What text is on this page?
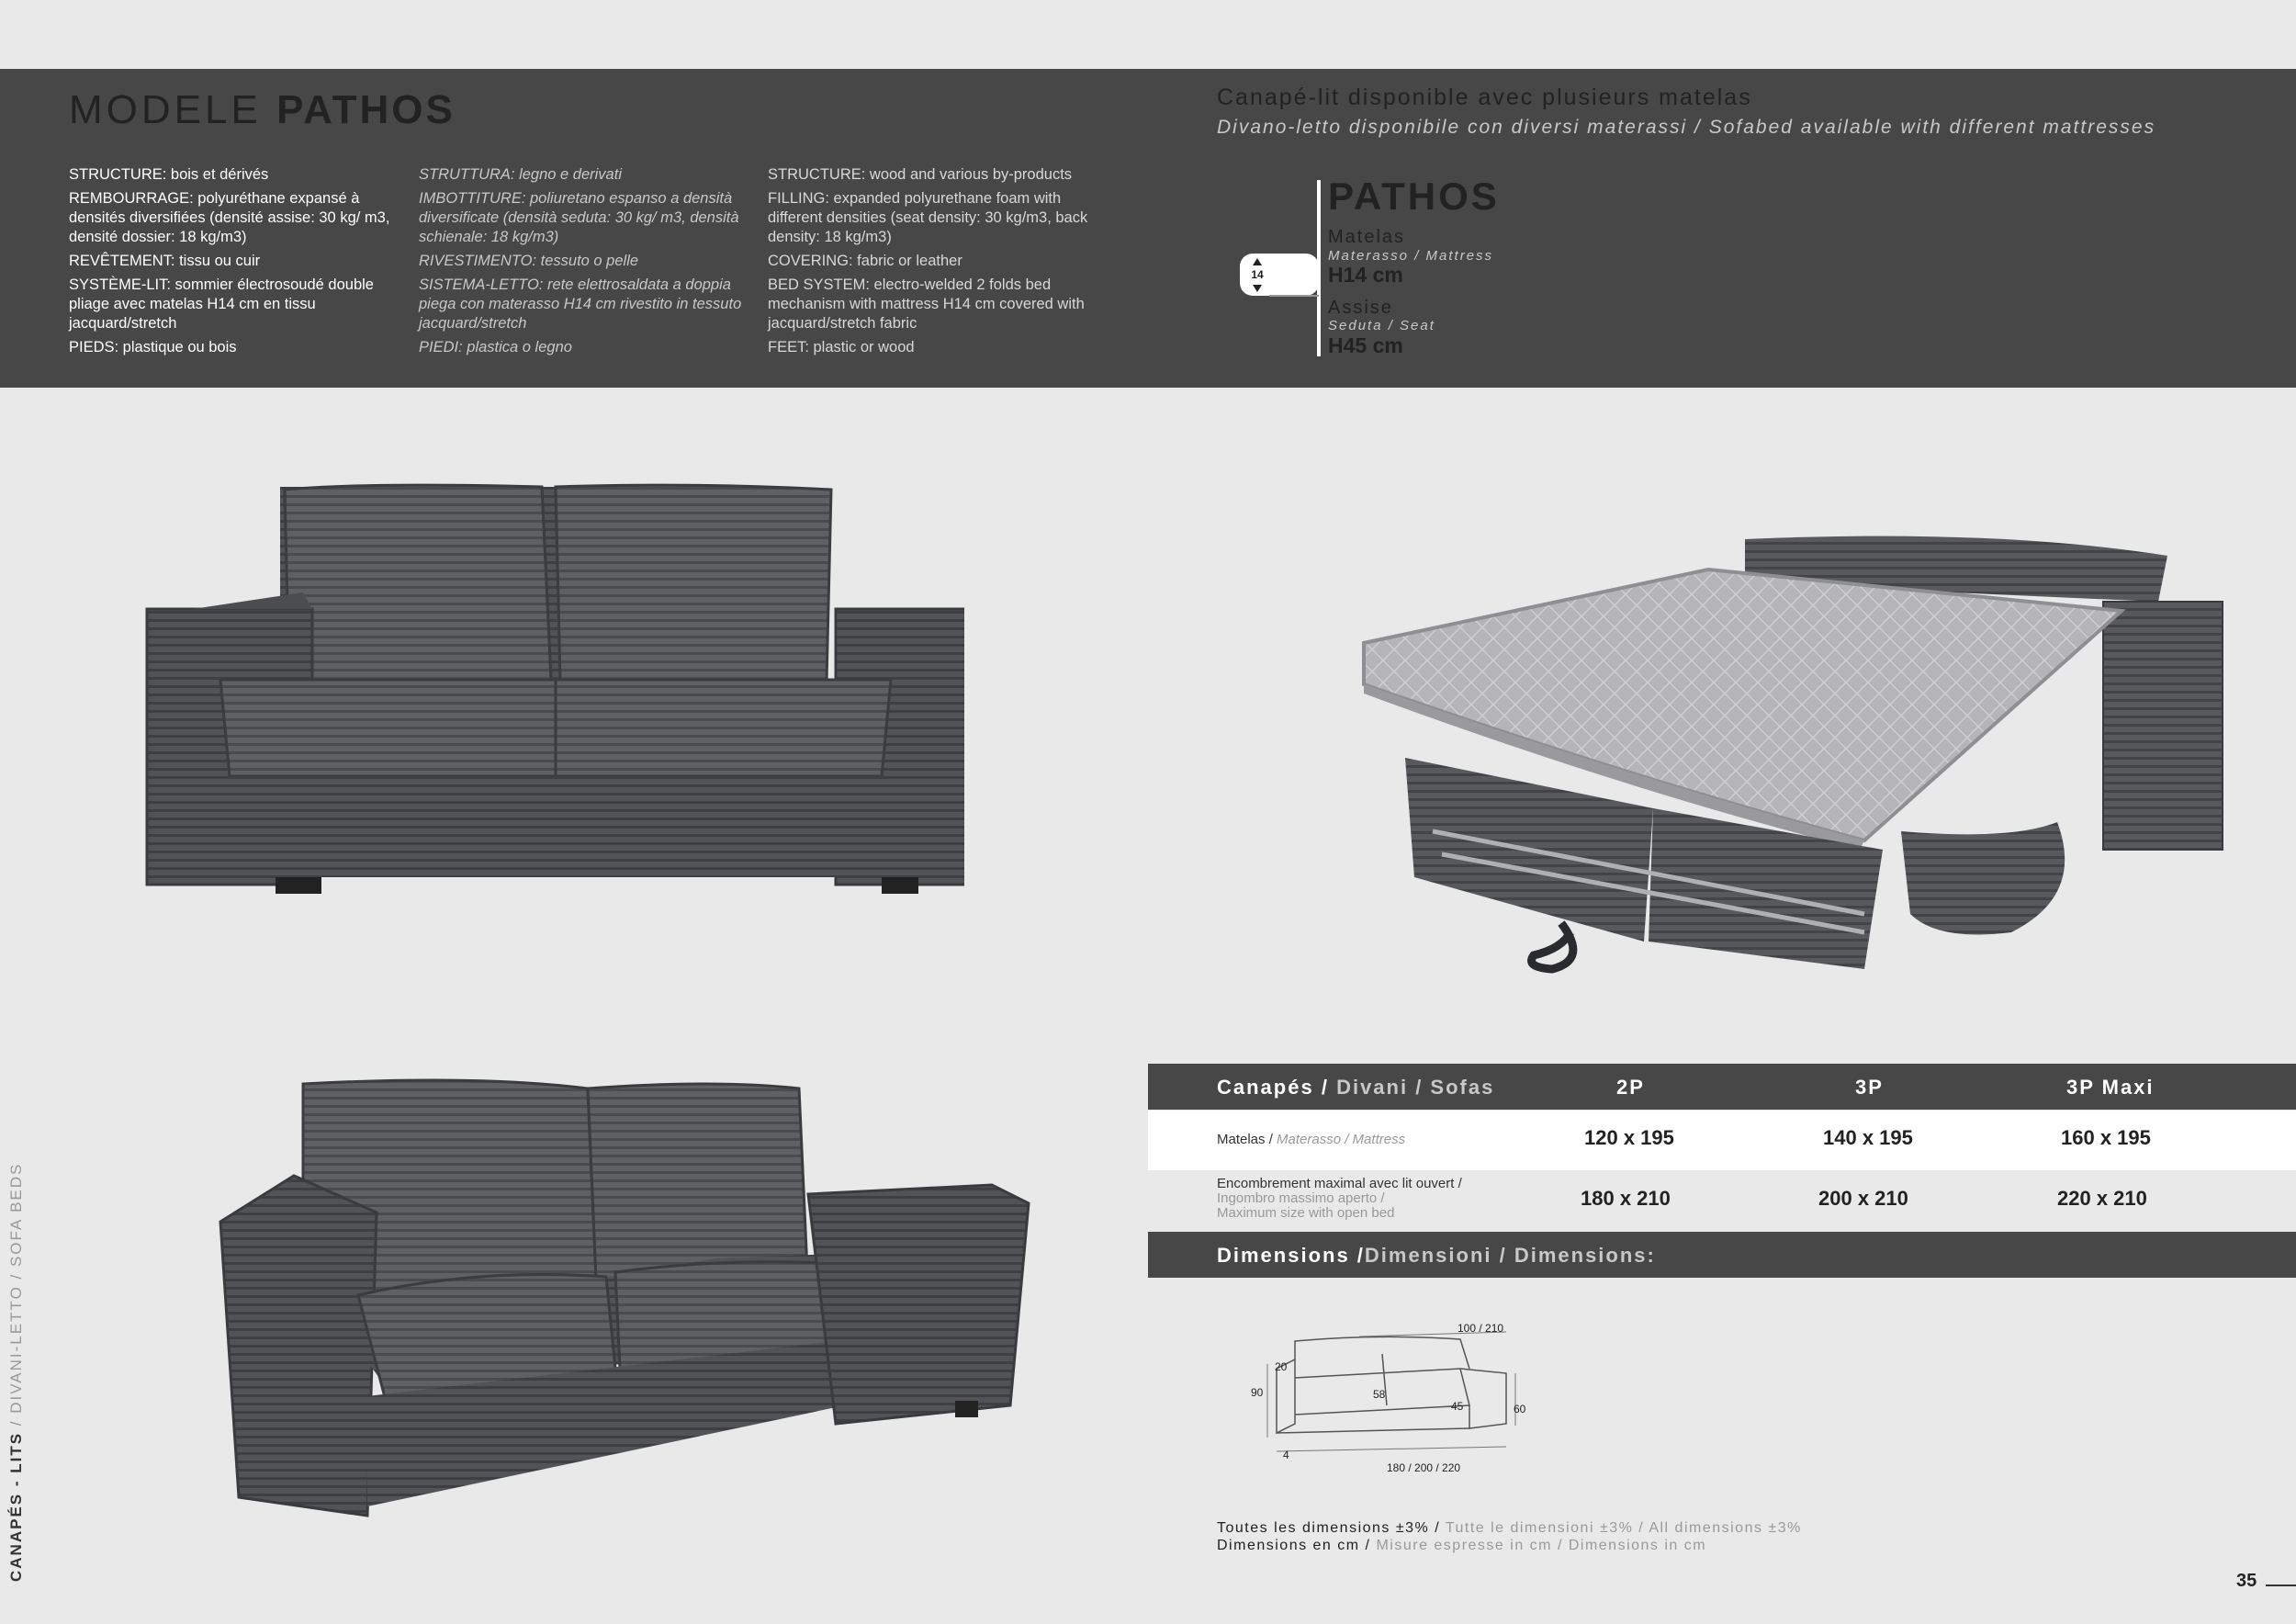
MODELE PATHOS

STRUCTURE: bois et dérivés

REMBOURRAGE: polyuréthane expansé à densités diversifiées (densité assise: 30 kg/ m3, densité dossier: 18 kg/m3)

REVÊTEMENT: tissu ou cuir

SYSTÈME-LIT: sommier électrosoudé double pliage avec matelas H14 cm en tissu jacquard/stretch

PIEDS: plastique ou bois

STRUTTURA: legno e derivati

IMBOTTITURE: poliuretano espanso a densità diversificate (densità seduta: 30 kg/ m3, densità schienale: 18 kg/m3)

RIVESTIMENTO: tessuto o pelle

SISTEMA-LETTO: rete elettrosaldata a doppia piega con materasso H14 cm rivestito in tessuto jacquard/stretch

PIEDI: plastica o legno

STRUCTURE: wood and various by-products

FILLING: expanded polyurethane foam with different densities (seat density: 30 kg/m3, back density: 18 kg/m3)

COVERING: fabric or leather

BED SYSTEM: electro-welded 2 folds bed mechanism with mattress H14 cm covered with jacquard/stretch fabric

FEET: plastic or wood

Canapé-lit disponible avec plusieurs matelas
Divano-letto disponibile con diversi materassi / Sofabed available with different mattresses
PATHOS
Matelas
Materasso / Mattress
H14 cm
Assise
Seduta / Seat
H45 cm
14
Canapés / Divani / Sofas	2P	3P	3P Maxi
Matelas / Materasso / Mattress	120 x 195	140 x 195	160 x 195
Encombrement maximal avec lit ouvert /
Ingombro massimo aperto /
Maximum size with open bed
180 x 210	200 x 210	220 x 210
Dimensions /Dimensioni / Dimensions:
100 / 210
20
90	58
45	60
4
180 / 200 / 220
Toutes les dimensions ±3% / Tutte le dimensioni ±3% / All dimensions ±3%
Dimensions en cm / Misure espresse in cm / Dimensions in cm
CANAPÉS - LITS / DIVANI-LETTO / SOFA BEDS
35
